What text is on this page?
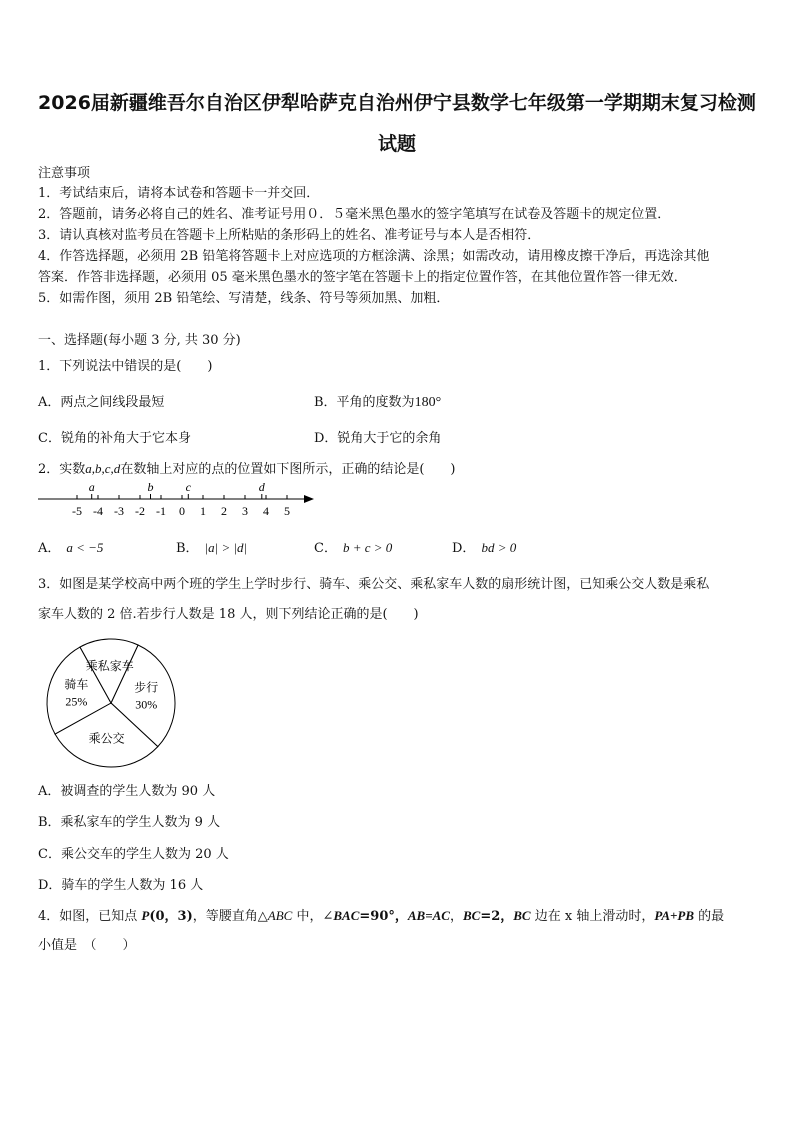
2026届新疆维吾尔自治区伊犁哈萨克自治州伊宁县数学七年级第一学期期末复习检测
试题
注意事项
1．考试结束后，请将本试卷和答题卡一并交回．
2．答题前，请务必将自己的姓名、准考证号用０．５毫米黑色墨水的签字笔填写在试卷及答题卡的规定位置．
3．请认真核对监考员在答题卡上所粘贴的条形码上的姓名、准考证号与本人是否相符．
4．作答选择题，必须用 2B 铅笔将答题卡上对应选项的方框涂满、涂黑；如需改动，请用橡皮擦干净后，再选涂其他
答案．作答非选择题，必须用 05 毫米黑色墨水的签字笔在答题卡上的指定位置作答，在其他位置作答一律无效．
5．如需作图，须用 2B 铅笔绘、写清楚，线条、符号等须加黑、加粗．
一、选择题(每小题 3 分, 共 30 分)
1．下列说法中错误的是(　　)
A．两点之间线段最短	B．平角的度数为180°
C．锐角的补角大于它本身	D．锐角大于它的余角
2．实数a,b,c,d在数轴上对应的点的位置如下图所示，正确的结论是(　　)
-5 -4 -3 -2 -1 0 1 2 3 4 5
a	b	c	d
A． a < −5	B． |a| > |d|	C． b + c > 0	D． bd > 0
3．如图是某学校高中两个班的学生上学时步行、骑车、乘公交、乘私家车人数的扇形统计图，已知乘公交人数是乘私
家车人数的 2 倍.若步行人数是 18 人，则下列结论正确的是(　　)
步行
30%
乘公交
骑车
25%
乘私家车
A．被调查的学生人数为 90 人
B．乘私家车的学生人数为 9 人
C．乘公交车的学生人数为 20 人
D．骑车的学生人数为 16 人
4．如图，已知点 P(0，3)，等腰直角△ABC 中，∠BAC=90°，AB=AC，BC=2，BC 边在 x 轴上滑动时，PA+PB 的最
小值是　（　　）
